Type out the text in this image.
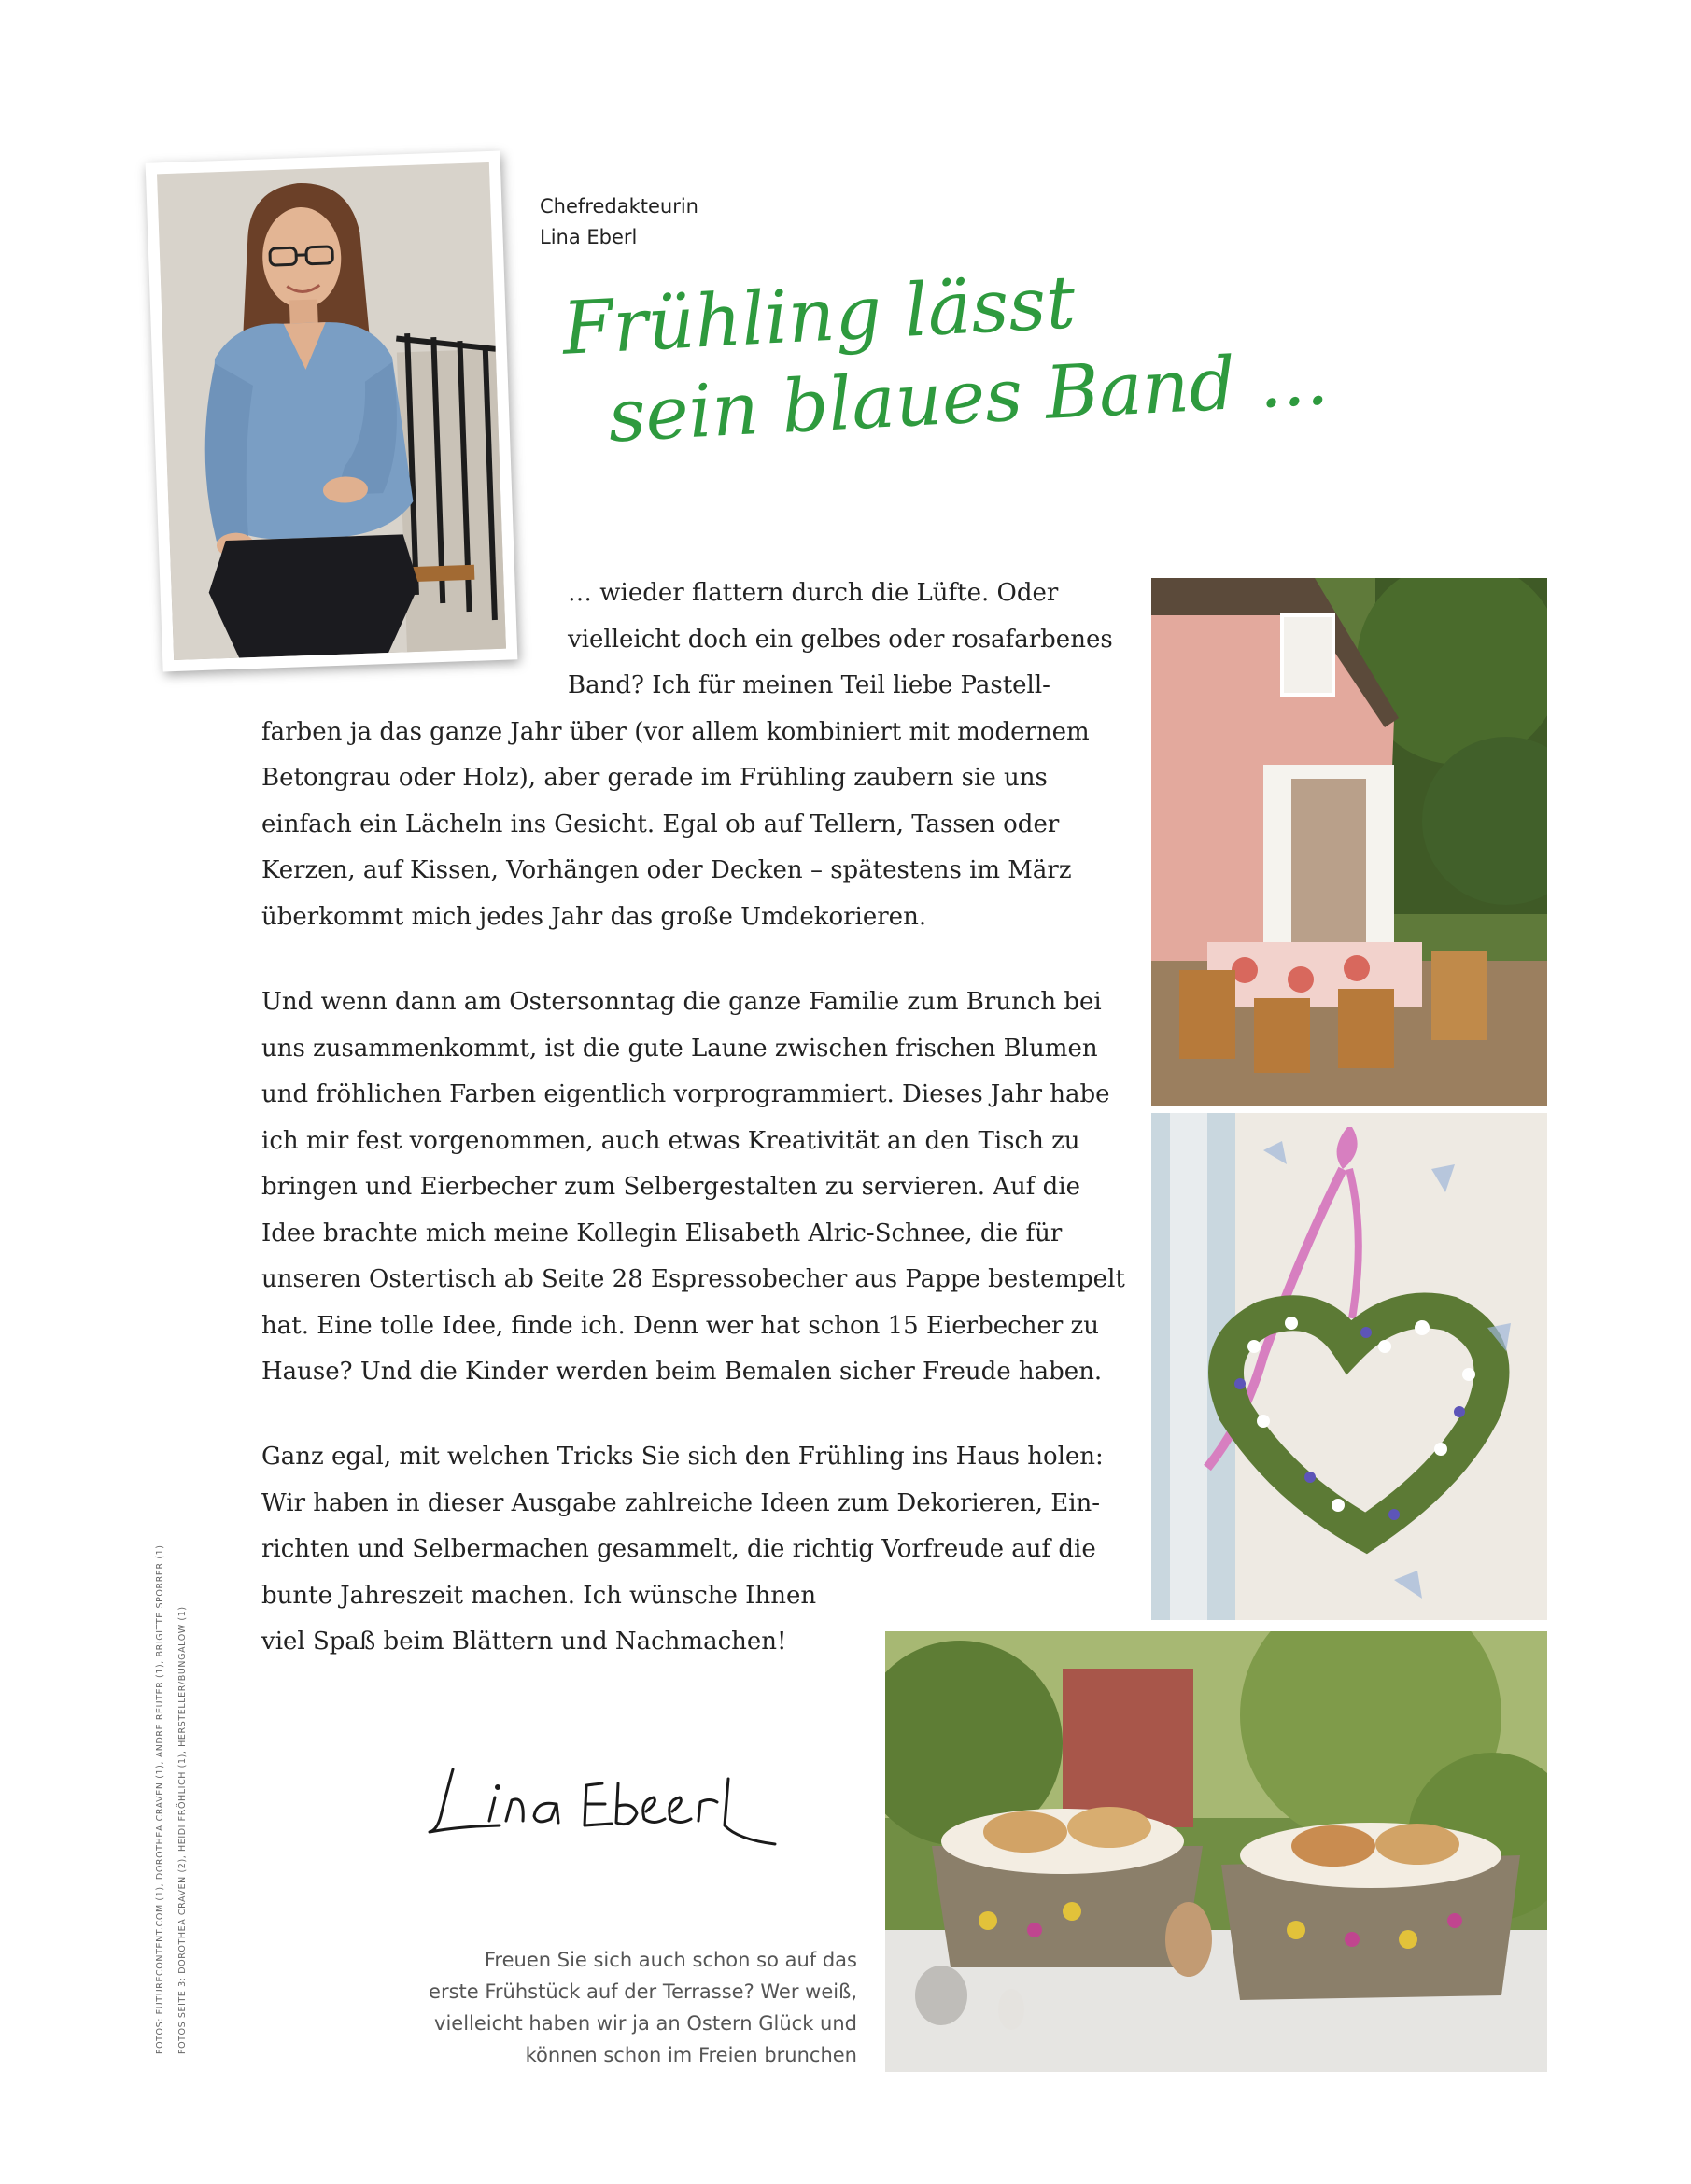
Chefredakteurin
Lina Eberl
Frühling lässt
sein blaues Band ...

… wieder flattern durch die Lüfte. Oder
vielleicht doch ein gelbes oder rosafarbenes
Band? Ich für meinen Teil liebe Pastell-
farben ja das ganze Jahr über (vor allem kombiniert mit modernem
Betongrau oder Holz), aber gerade im Frühling zaubern sie uns
einfach ein Lächeln ins Gesicht. Egal ob auf Tellern, Tassen oder
Kerzen, auf Kissen, Vorhängen oder Decken – spätestens im März
überkommt mich jedes Jahr das große Umdekorieren.

Und wenn dann am Ostersonntag die ganze Familie zum Brunch bei
uns zusammenkommt, ist die gute Laune zwischen frischen Blumen
und fröhlichen Farben eigentlich vorprogrammiert. Dieses Jahr habe
ich mir fest vorgenommen, auch etwas Kreativität an den Tisch zu
bringen und Eierbecher zum Selbergestalten zu servieren. Auf die
Idee brachte mich meine Kollegin Elisabeth Alric-Schnee, die für
unseren Ostertisch ab Seite 28 Espressobecher aus Pappe bestempelt
hat. Eine tolle Idee, finde ich. Denn wer hat schon 15 Eierbecher zu
Hause? Und die Kinder werden beim Bemalen sicher Freude haben.

Ganz egal, mit welchen Tricks Sie sich den Frühling ins Haus holen:
Wir haben in dieser Ausgabe zahlreiche Ideen zum Dekorieren, Ein-
richten und Selbermachen gesammelt, die richtig Vorfreude auf die
bunte Jahreszeit machen. Ich wünsche Ihnen
viel Spaß beim Blättern und Nachmachen!

Freuen Sie sich auch schon so auf das
erste Frühstück auf der Terrasse? Wer weiß,
vielleicht haben wir ja an Ostern Glück und
können schon im Freien brunchen
FOTOS: FUTURECONTENT.COM (1), DOROTHEA CRAVEN (1), ANDRE REUTER (1), BRIGITTE SPORRER (1)	FOTOS SEITE 3: DOROTHEA CRAVEN (2), HEIDI FRÖHLICH (1), HERSTELLER/BUNGALOW (1)
